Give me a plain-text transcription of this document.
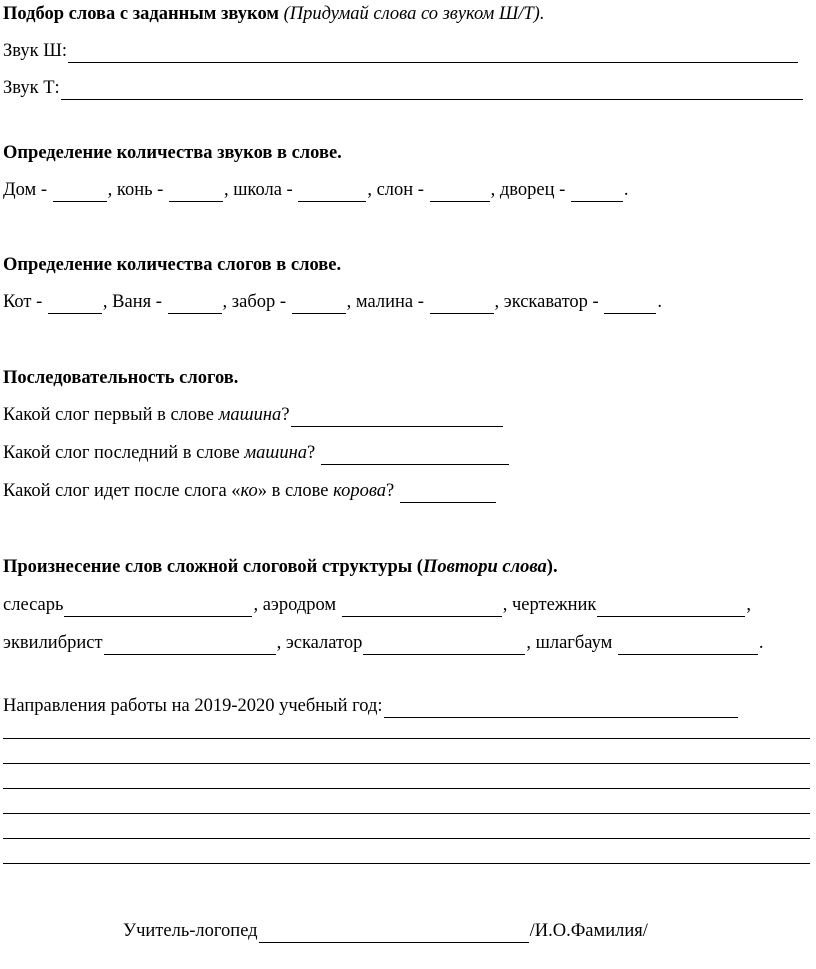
Подбор слова с заданным звуком
(Придумай слова со звуком Ш/Т).
Звук Ш:
Звук Т:
Определение количества звуков в слове.
Дом -
	, конь -
	, школа -
	, слон -
	, дворец -
	.
Определение количества слогов в слове.
Кот -
	, Ваня -
	, забор -
	, малина -
	, экскаватор -
	.
Последовательность слогов.
Какой слог первый в слове
машина ?
Какой слог последний в слове
машина ?

Какой слог идет после слога « ко » в слове
корова ?

Произнесение слов сложной слоговой структуры ( Повтори слова ).
слесарь	, аэродром
	, чертежник	,
эквилибрист	, эскалатор	, шлагбаум
	.
Направления работы на 2019-2020 учебный год:
Учитель-логопед	/И.О.Фамилия/
